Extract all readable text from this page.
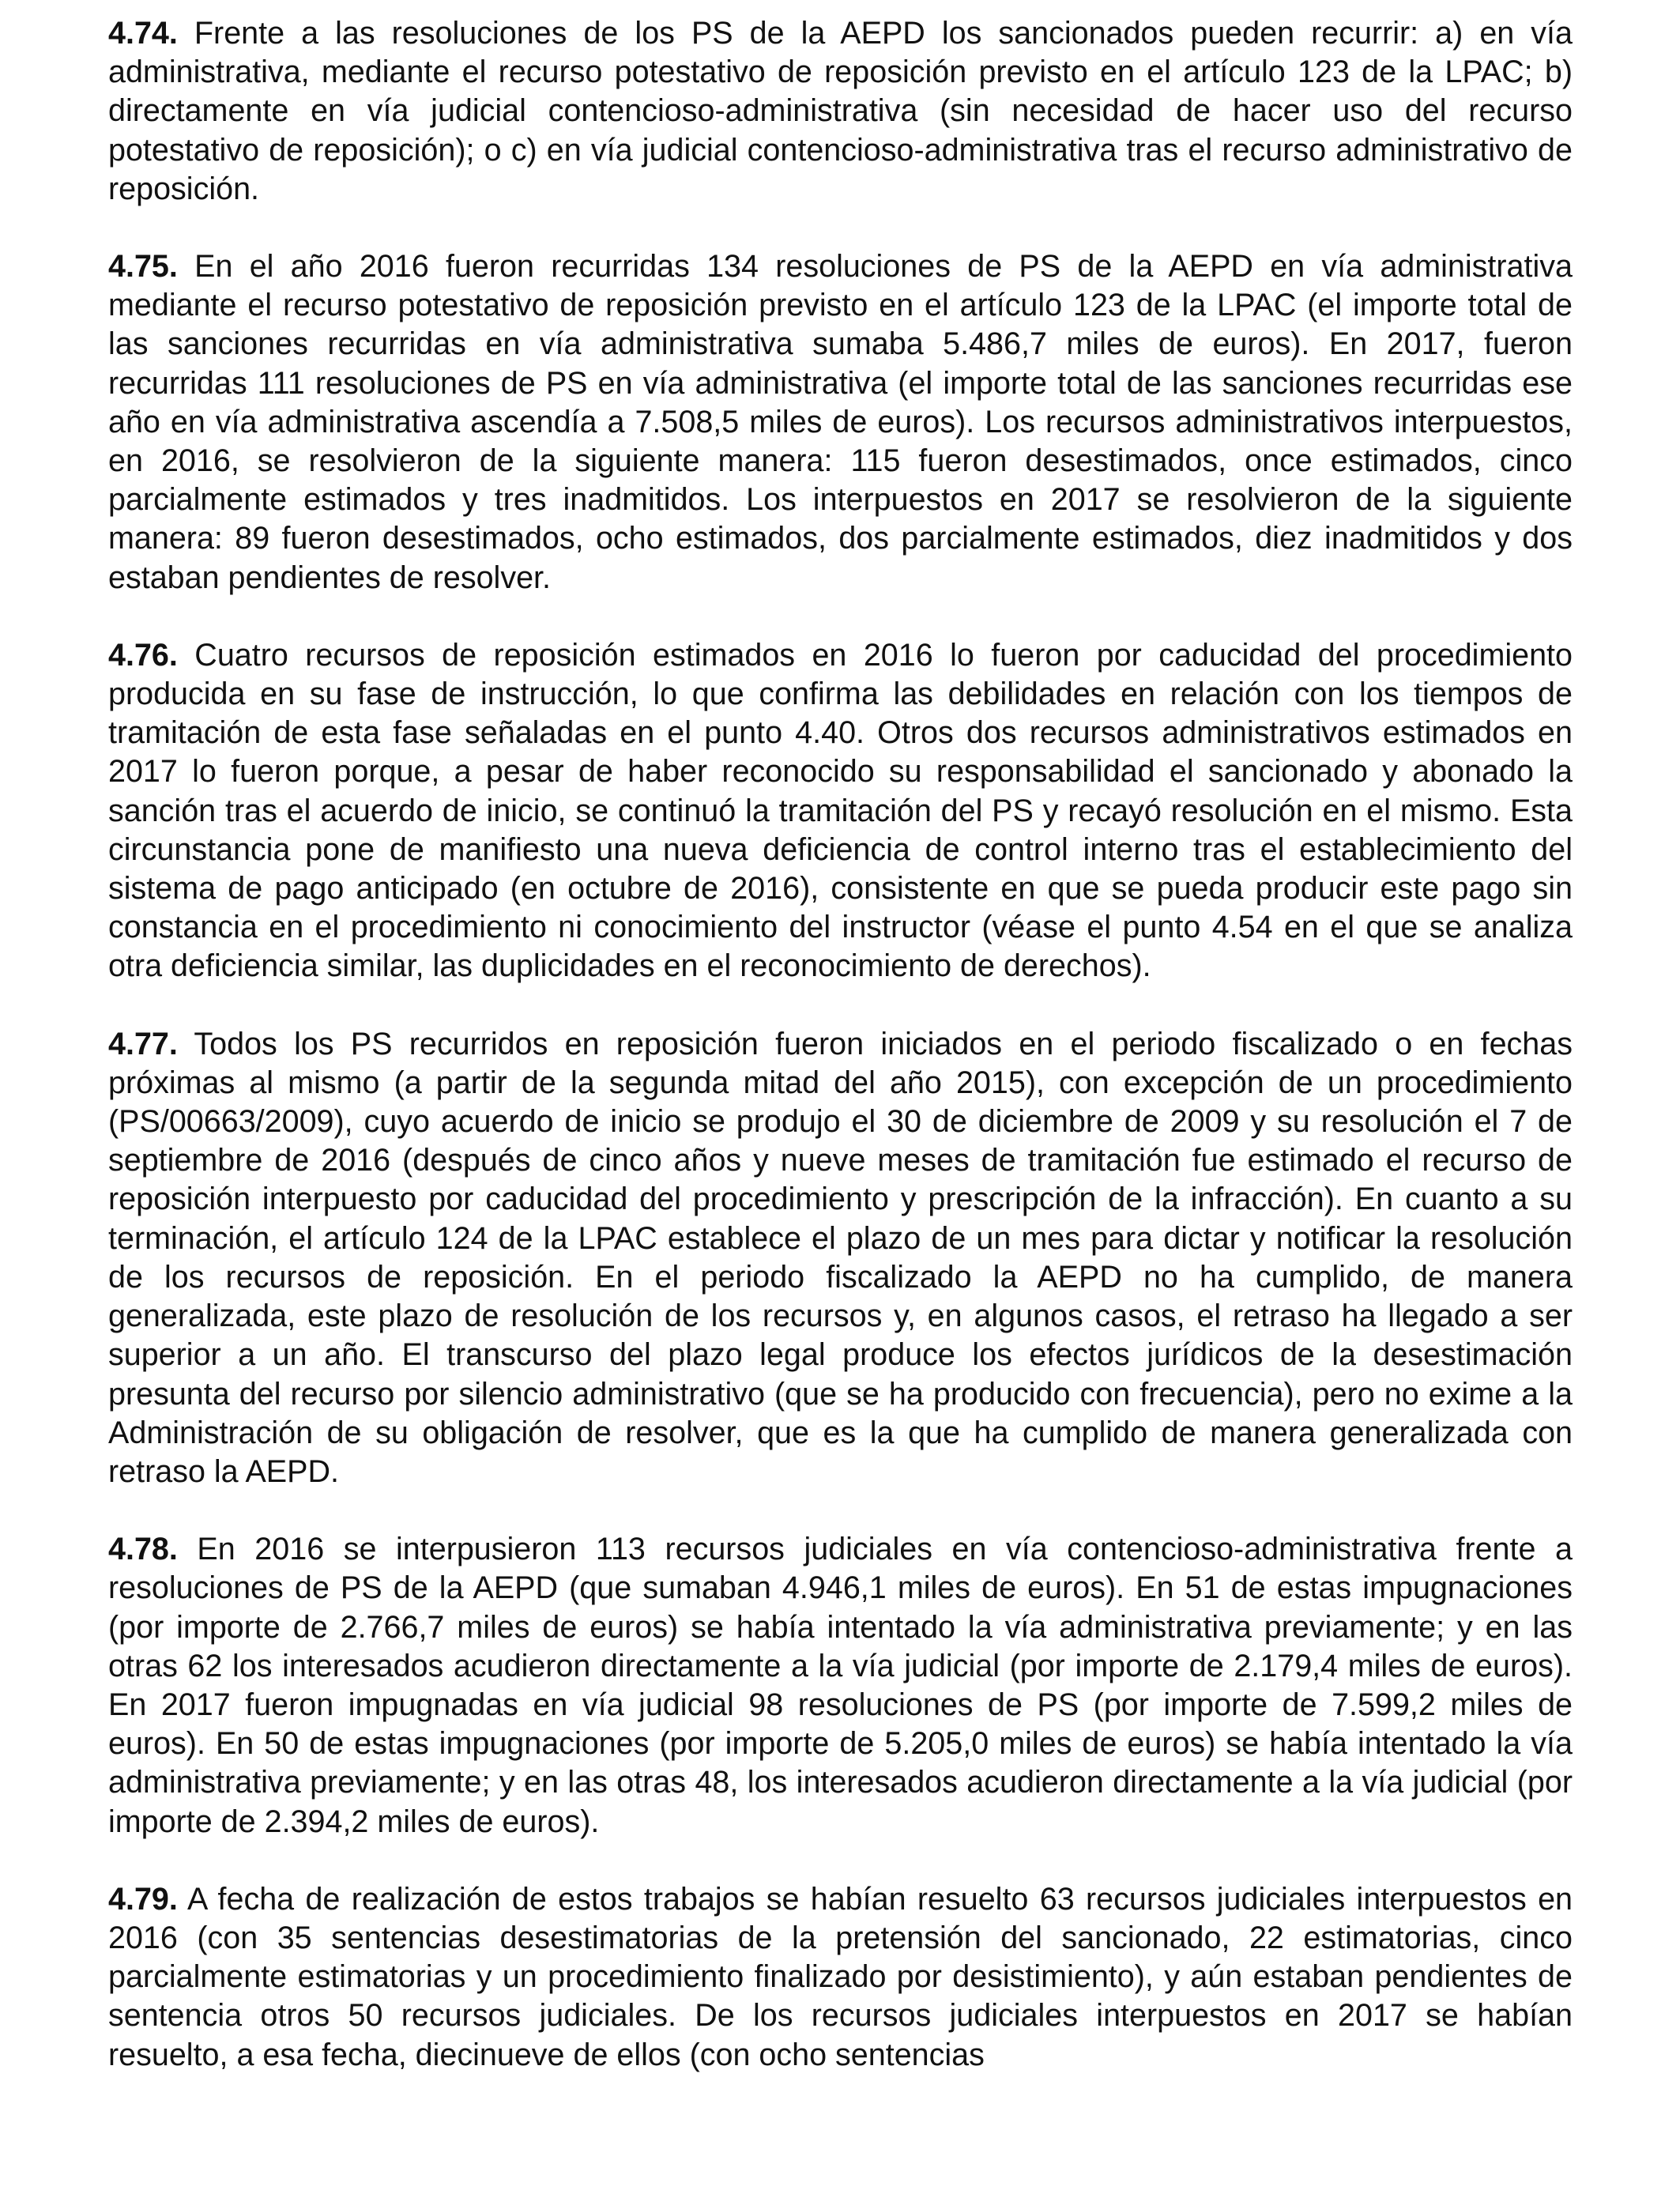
4.74. Frente a las resoluciones de los PS de la AEPD los sancionados pueden recurrir: a) en vía administrativa, mediante el recurso potestativo de reposición previsto en el artículo 123 de la LPAC; b) directamente en vía judicial contencioso-administrativa (sin necesidad de hacer uso del recurso potestativo de reposición); o c) en vía judicial contencioso-administrativa tras el recurso administrativo de reposición.

4.75. En el año 2016 fueron recurridas 134 resoluciones de PS de la AEPD en vía administrativa mediante el recurso potestativo de reposición previsto en el artículo 123 de la LPAC (el importe total de las sanciones recurridas en vía administrativa sumaba 5.486,7 miles de euros). En 2017, fueron recurridas 111 resoluciones de PS en vía administrativa (el importe total de las sanciones recurridas ese año en vía administrativa ascendía a 7.508,5 miles de euros). Los recursos administrativos interpuestos, en 2016, se resolvieron de la siguiente manera: 115 fueron desestimados, once estimados, cinco parcialmente estimados y tres inadmitidos. Los interpuestos en 2017 se resolvieron de la siguiente manera: 89 fueron desestimados, ocho estimados, dos parcialmente estimados, diez inadmitidos y dos estaban pendientes de resolver.

4.76. Cuatro recursos de reposición estimados en 2016 lo fueron por caducidad del procedimiento producida en su fase de instrucción, lo que confirma las debilidades en relación con los tiempos de tramitación de esta fase señaladas en el punto 4.40. Otros dos recursos administrativos estimados en 2017 lo fueron porque, a pesar de haber reconocido su responsabilidad el sancionado y abonado la sanción tras el acuerdo de inicio, se continuó la tramitación del PS y recayó resolución en el mismo. Esta circunstancia pone de manifiesto una nueva deficiencia de control interno tras el establecimiento del sistema de pago anticipado (en octubre de 2016), consistente en que se pueda producir este pago sin constancia en el procedimiento ni conocimiento del instructor (véase el punto 4.54 en el que se analiza otra deficiencia similar, las duplicidades en el reconocimiento de derechos).

4.77. Todos los PS recurridos en reposición fueron iniciados en el periodo fiscalizado o en fechas próximas al mismo (a partir de la segunda mitad del año 2015), con excepción de un procedimiento (PS/00663/2009), cuyo acuerdo de inicio se produjo el 30 de diciembre de 2009 y su resolución el 7 de septiembre de 2016 (después de cinco años y nueve meses de tramitación fue estimado el recurso de reposición interpuesto por caducidad del procedimiento y prescripción de la infracción). En cuanto a su terminación, el artículo 124 de la LPAC establece el plazo de un mes para dictar y notificar la resolución de los recursos de reposición. En el periodo fiscalizado la AEPD no ha cumplido, de manera generalizada, este plazo de resolución de los recursos y, en algunos casos, el retraso ha llegado a ser superior a un año. El transcurso del plazo legal produce los efectos jurídicos de la desestimación presunta del recurso por silencio administrativo (que se ha producido con frecuencia), pero no exime a la Administración de su obligación de resolver, que es la que ha cumplido de manera generalizada con retraso la AEPD.

4.78. En 2016 se interpusieron 113 recursos judiciales en vía contencioso-administrativa frente a resoluciones de PS de la AEPD (que sumaban 4.946,1 miles de euros). En 51 de estas impugnaciones (por importe de 2.766,7 miles de euros) se había intentado la vía administrativa previamente; y en las otras 62 los interesados acudieron directamente a la vía judicial (por importe de 2.179,4 miles de euros). En 2017 fueron impugnadas en vía judicial 98 resoluciones de PS (por importe de 7.599,2 miles de euros). En 50 de estas impugnaciones (por importe de 5.205,0 miles de euros) se había intentado la vía administrativa previamente; y en las otras 48, los interesados acudieron directamente a la vía judicial (por importe de 2.394,2 miles de euros).

4.79. A fecha de realización de estos trabajos se habían resuelto 63 recursos judiciales interpuestos en 2016 (con 35 sentencias desestimatorias de la pretensión del sancionado, 22 estimatorias, cinco parcialmente estimatorias y un procedimiento finalizado por desistimiento), y aún estaban pendientes de sentencia otros 50 recursos judiciales. De los recursos judiciales interpuestos en 2017 se habían resuelto, a esa fecha, diecinueve de ellos (con ocho sentencias
